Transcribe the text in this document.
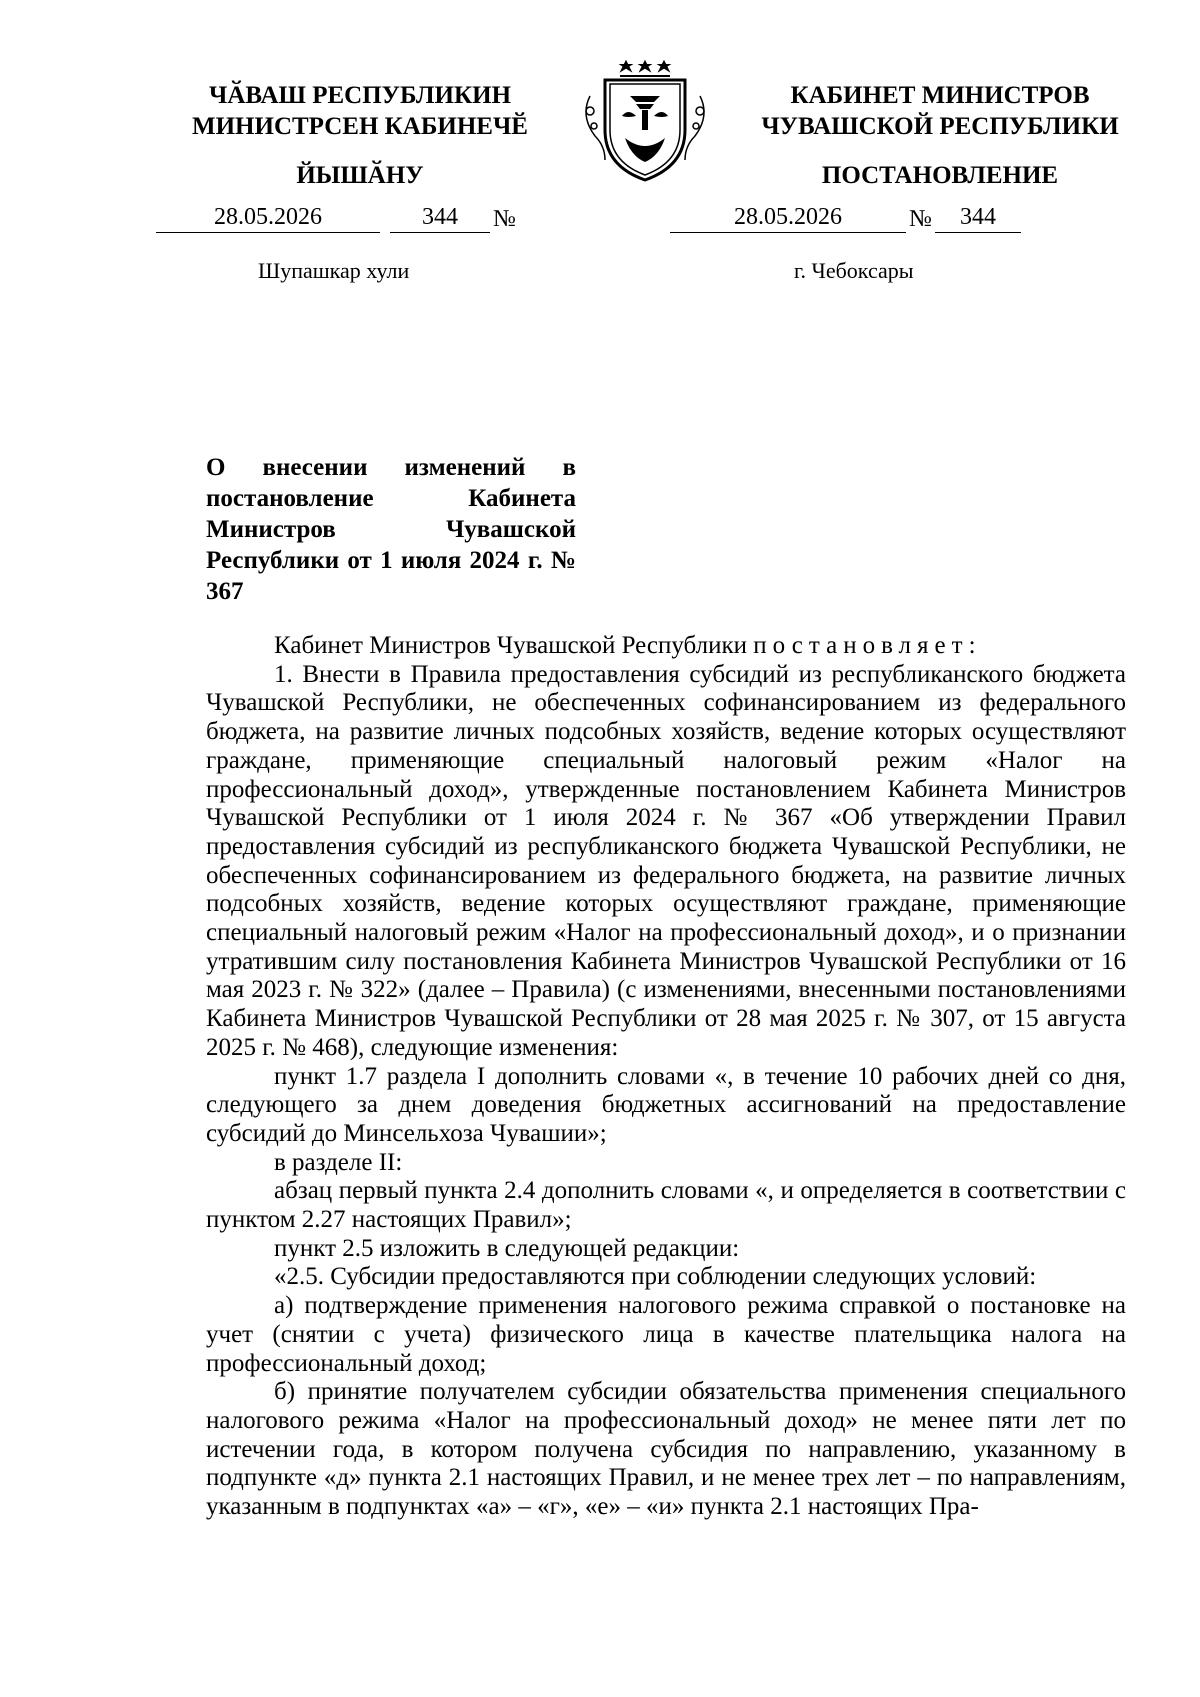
ЧӐВАШ РЕСПУБЛИКИН
МИНИСТРСЕН КАБИНЕЧӖ
ЙЫШӐНУ
КАБИНЕТ МИНИСТРОВ
ЧУВАШСКОЙ РЕСПУБЛИКИ
ПОСТАНОВЛЕНИЕ
28.05.2026	344	№	28.05.2026	№	344
Шупашкар хули	г. Чебоксары
О внесении изменений в постановление Кабинета Министров Чувашской Республики от 1 июля 2024 г. № 367

Кабинет Министров Чувашской Республики постановляет:

1. Внести в Правила предоставления субсидий из республиканского бюджета Чувашской Республики, не обеспеченных софинансированием из федерального бюджета, на развитие личных подсобных хозяйств, ведение которых осуществляют граждане, применяющие специальный налоговый режим «Налог на профессиональный доход», утвержденные постановлением Кабинета Министров Чувашской Республики от 1 июля 2024 г. № 367 «Об утверждении Правил предоставления субсидий из республиканского бюджета Чувашской Республики, не обеспеченных софинансированием из федерального бюджета, на развитие личных подсобных хозяйств, ведение которых осуществляют граждане, применяющие специальный налоговый режим «Налог на профессиональный доход», и о признании утратившим силу постановления Кабинета Министров Чувашской Республики от 16 мая 2023 г. № 322» (далее – Правила) (с изменениями, внесенными постановлениями Кабинета Министров Чувашской Республики от 28 мая 2025 г. № 307, от 15 августа 2025 г. № 468), следующие изменения:

пункт 1.7 раздела I дополнить словами «, в течение 10 рабочих дней со дня, следующего за днем доведения бюджетных ассигнований на предоставление субсидий до Минсельхоза Чувашии»;

в разделе II:

абзац первый пункта 2.4 дополнить словами «, и определяется в соответствии с пунктом 2.27 настоящих Правил»;

пункт 2.5 изложить в следующей редакции:

«2.5. Субсидии предоставляются при соблюдении следующих условий:

а) подтверждение применения налогового режима справкой о постановке на учет (снятии с учета) физического лица в качестве плательщика налога на профессиональный доход;

б) принятие получателем субсидии обязательства применения специального налогового режима «Налог на профессиональный доход» не менее пяти лет по истечении года, в котором получена субсидия по направлению, указанному в подпункте «д» пункта 2.1 настоящих Правил, и не менее трех лет – по направлениям, указанным в подпунктах «а» – «г», «е» – «и» пункта 2.1 настоящих Пра-
